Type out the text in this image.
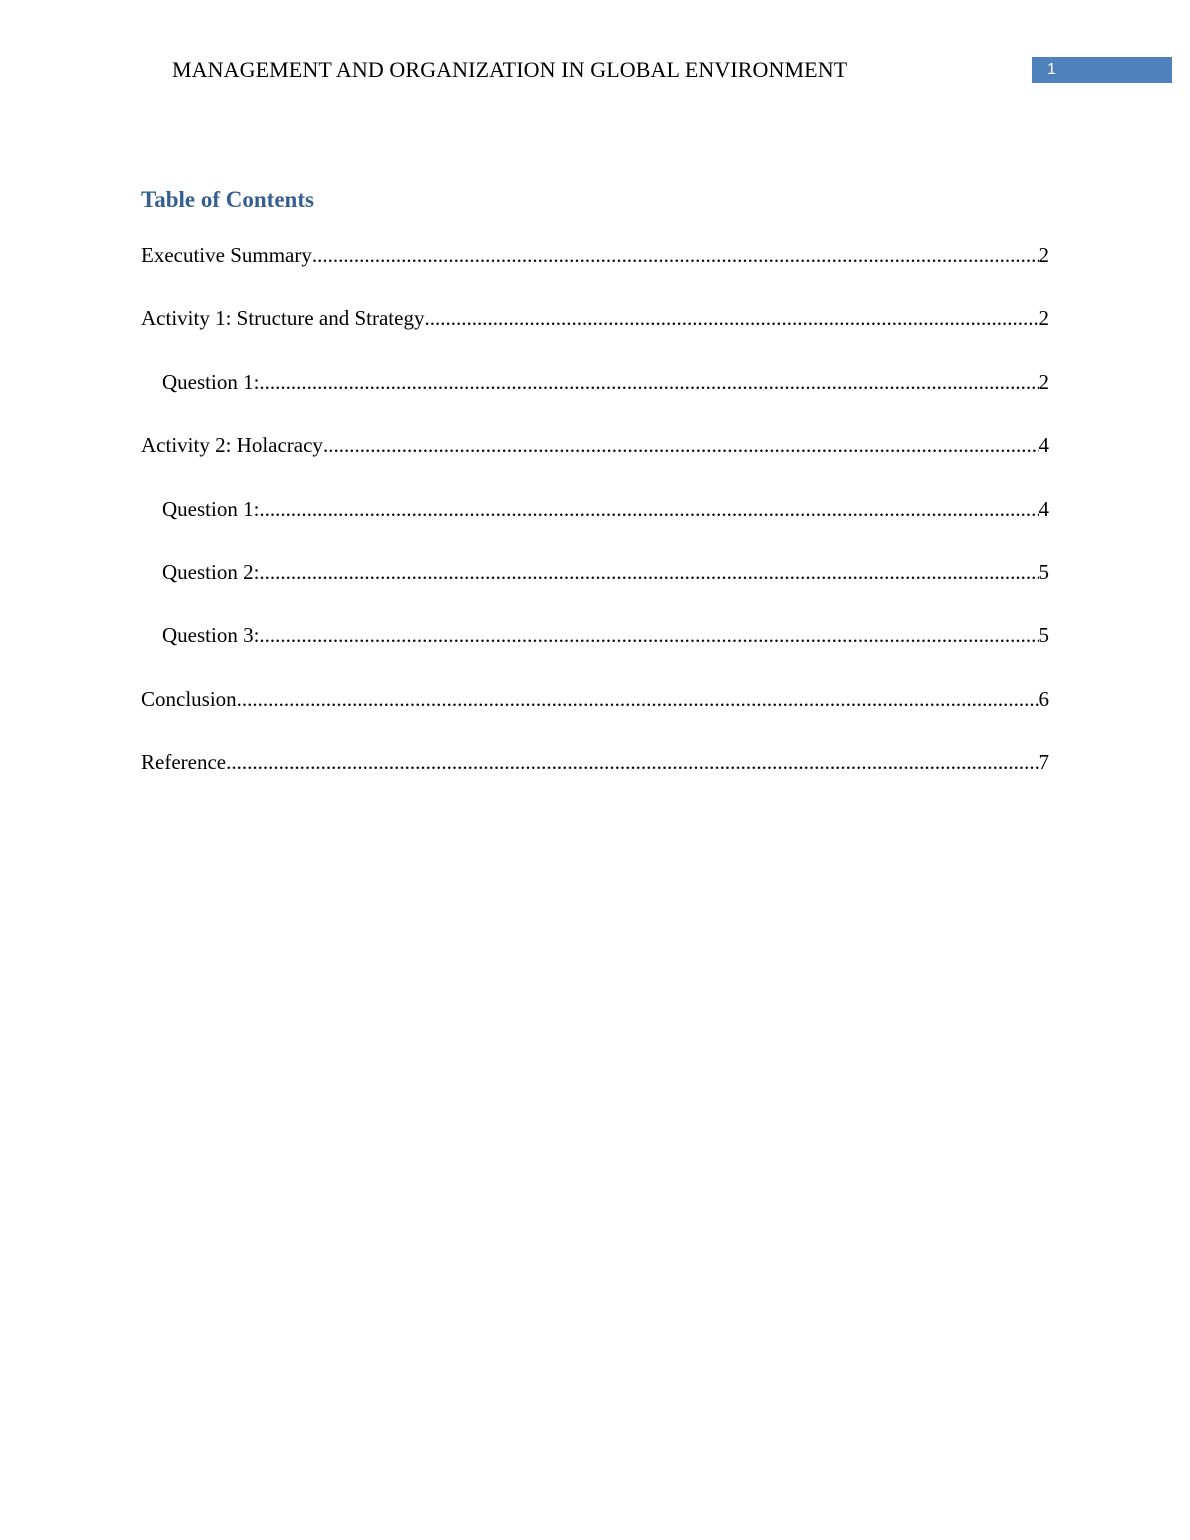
MANAGEMENT AND ORGANIZATION IN GLOBAL ENVIRONMENT	1
Table of Contents
Executive Summary .....	2
Activity 1: Structure and Strategy .....	2
Question 1: .....	2
Activity 2: Holacracy .....	4
Question 1: .....	4
Question 2: .....	5
Question 3: .....	5
Conclusion .....	6
Reference .....	7
